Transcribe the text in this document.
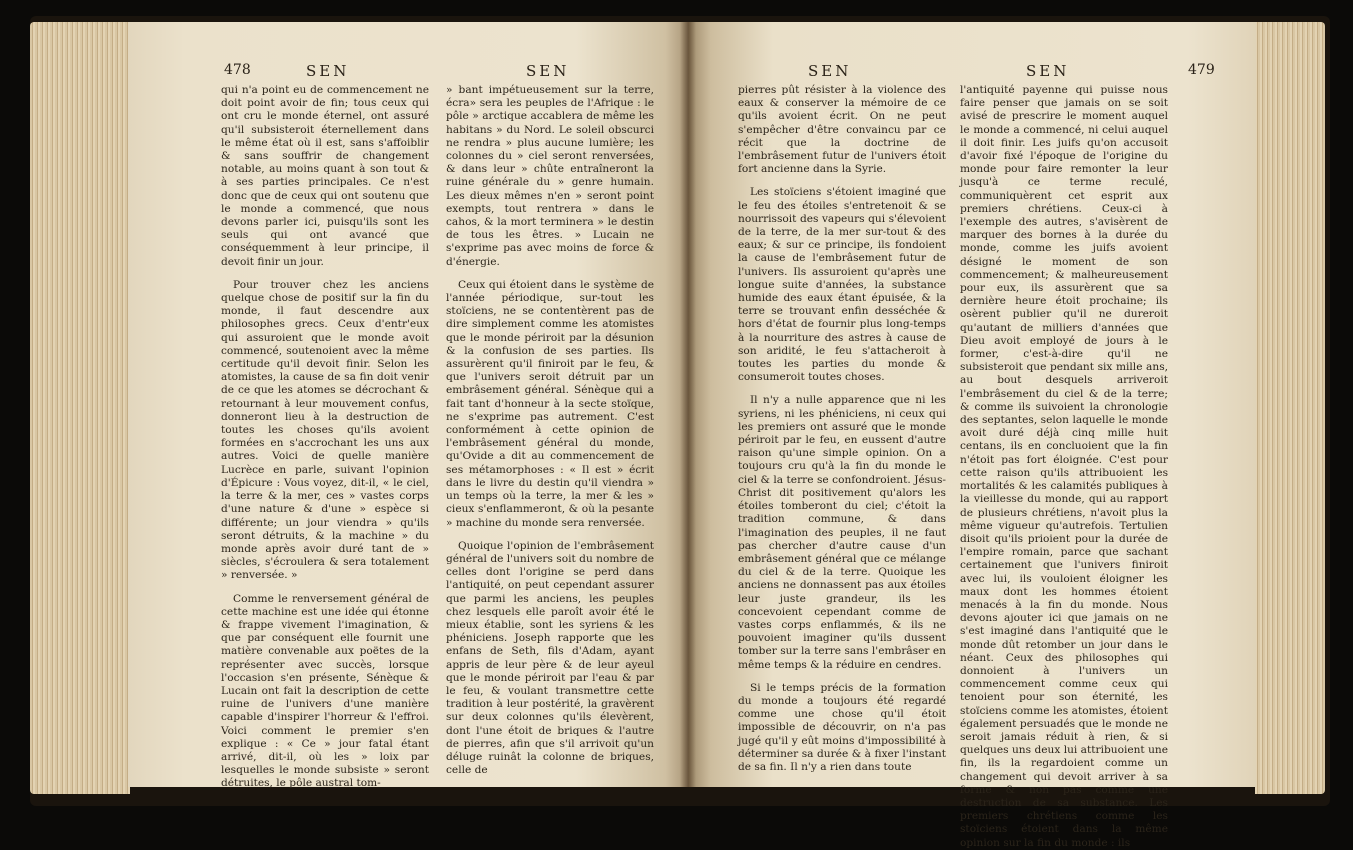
478	SEN	SEN

qui n'a point eu de commencement ne doit point avoir de fin; tous ceux qui ont cru le monde éternel, ont assuré qu'il subsisteroit éternellement dans le même état où il est, sans s'affoiblir & sans souffrir de changement notable, au moins quant à son tout & à ses parties principales. Ce n'est donc que de ceux qui ont soutenu que le monde a commencé, que nous devons parler ici, puisqu'ils sont les seuls qui ont avancé que conséquemment à leur principe, il devoit finir un jour.

Pour trouver chez les anciens quelque chose de positif sur la fin du monde, il faut descendre aux philosophes grecs. Ceux d'entr'eux qui assuroient que le monde avoit commencé, soutenoient avec la même certitude qu'il devoit finir. Selon les atomistes, la cause de sa fin doit venir de ce que les atomes se décrochant & retournant à leur mouvement confus, donneront lieu à la destruction de toutes les choses qu'ils avoient formées en s'accrochant les uns aux autres. Voici de quelle manière Lucrèce en parle, suivant l'opinion d'Épicure : Vous voyez, dit-il, « le ciel, la terre & la mer, ces » vastes corps d'une nature & d'une » espèce si différente; un jour viendra » qu'ils seront détruits, & la machine » du monde après avoir duré tant de » siècles, s'écroulera & sera totalement » renversée. »

Comme le renversement général de cette machine est une idée qui étonne & frappe vivement l'imagination, & que par conséquent elle fournit une matière convenable aux poëtes de la représenter avec succès, lorsque l'occasion s'en présente, Sénèque & Lucain ont fait la description de cette ruine de l'univers d'une manière capable d'inspirer l'horreur & l'effroi. Voici comment le premier s'en explique : « Ce » jour fatal étant arrivé, dit-il, où les » loix par lesquelles le monde subsiste » seront détruites, le pôle austral tom-

» bant impétueusement sur la terre, écra» sera les peuples de l'Afrique : le pôle » arctique accablera de même les habitans » du Nord. Le soleil obscurci ne rendra » plus aucune lumière; les colonnes du » ciel seront renversées, & dans leur » chûte entraîneront la ruine générale du » genre humain. Les dieux mêmes n'en » seront point exempts, tout rentrera » dans le cahos, & la mort terminera » le destin de tous les êtres. » Lucain ne s'exprime pas avec moins de force & d'énergie.

Ceux qui étoient dans le système de l'année périodique, sur-tout les stoïciens, ne se contentèrent pas de dire simplement comme les atomistes que le monde périroit par la désunion & la confusion de ses parties. Ils assurèrent qu'il finiroit par le feu, & que l'univers seroit détruit par un embrâsement général. Sénèque qui a fait tant d'honneur à la secte stoïque, ne s'exprime pas autrement. C'est conformément à cette opinion de l'embrâsement général du monde, qu'Ovide a dit au commencement de ses métamorphoses : « Il est » écrit dans le livre du destin qu'il viendra » un temps où la terre, la mer & les » cieux s'enflammeront, & où la pesante » machine du monde sera renversée.

Quoique l'opinion de l'embrâsement général de l'univers soit du nombre de celles dont l'origine se perd dans l'antiquité, on peut cependant assurer que parmi les anciens, les peuples chez lesquels elle paroît avoir été le mieux établie, sont les syriens & les phéniciens. Joseph rapporte que les enfans de Seth, fils d'Adam, ayant appris de leur père & de leur ayeul que le monde périroit par l'eau & par le feu, & voulant transmettre cette tradition à leur postérité, la gravèrent sur deux colonnes qu'ils élevèrent, dont l'une étoit de briques & l'autre de pierres, afin que s'il arrivoit qu'un déluge ruinât la colonne de briques, celle de

SEN	SEN	479

pierres pût résister à la violence des eaux & conserver la mémoire de ce qu'ils avoient écrit. On ne peut s'empêcher d'être convaincu par ce récit que la doctrine de l'embrâsement futur de l'univers étoit fort ancienne dans la Syrie.

Les stoïciens s'étoient imaginé que le feu des étoiles s'entretenoit & se nourrissoit des vapeurs qui s'élevoient de la terre, de la mer sur-tout & des eaux; & sur ce principe, ils fondoient la cause de l'embrâsement futur de l'univers. Ils assuroient qu'après une longue suite d'années, la substance humide des eaux étant épuisée, & la terre se trouvant enfin desséchée & hors d'état de fournir plus long-temps à la nourriture des astres à cause de son aridité, le feu s'attacheroit à toutes les parties du monde & consumeroit toutes choses.

Il n'y a nulle apparence que ni les syriens, ni les phéniciens, ni ceux qui les premiers ont assuré que le monde périroit par le feu, en eussent d'autre raison qu'une simple opinion. On a toujours cru qu'à la fin du monde le ciel & la terre se confondroient. Jésus-Christ dit positivement qu'alors les étoiles tomberont du ciel; c'étoit la tradition commune, & dans l'imagination des peuples, il ne faut pas chercher d'autre cause d'un embrâsement général que ce mélange du ciel & de la terre. Quoique les anciens ne donnassent pas aux étoiles leur juste grandeur, ils les concevoient cependant comme de vastes corps enflammés, & ils ne pouvoient imaginer qu'ils dussent tomber sur la terre sans l'embrâser en même temps & la réduire en cendres.

Si le temps précis de la formation du monde a toujours été regardé comme une chose qu'il étoit impossible de découvrir, on n'a pas jugé qu'il y eût moins d'impossibilité à déterminer sa durée & à fixer l'instant de sa fin. Il n'y a rien dans toute

l'antiquité payenne qui puisse nous faire penser que jamais on se soit avisé de prescrire le moment auquel le monde a commencé, ni celui auquel il doit finir. Les juifs qu'on accusoit d'avoir fixé l'époque de l'origine du monde pour faire remonter la leur jusqu'à ce terme reculé, communiquèrent cet esprit aux premiers chrétiens. Ceux-ci à l'exemple des autres, s'avisèrent de marquer des bornes à la durée du monde, comme les juifs avoient désigné le moment de son commencement; & malheureusement pour eux, ils assurèrent que sa dernière heure étoit prochaine; ils osèrent publier qu'il ne dureroit qu'autant de milliers d'années que Dieu avoit employé de jours à le former, c'est-à-dire qu'il ne subsisteroit que pendant six mille ans, au bout desquels arriveroit l'embrâsement du ciel & de la terre; & comme ils suivoient la chronologie des septantes, selon laquelle le monde avoit duré déjà cinq mille huit centans, ils en concluoient que la fin n'étoit pas fort éloignée. C'est pour cette raison qu'ils attribuoient les mortalités & les calamités publiques à la vieillesse du monde, qui au rapport de plusieurs chrétiens, n'avoit plus la même vigueur qu'autrefois. Tertulien disoit qu'ils prioient pour la durée de l'empire romain, parce que sachant certainement que l'univers finiroit avec lui, ils vouloient éloigner les maux dont les hommes étoient menacés à la fin du monde. Nous devons ajouter ici que jamais on ne s'est imaginé dans l'antiquité que le monde dût retomber un jour dans le néant. Ceux des philosophes qui donnoient à l'univers un commencement comme ceux qui tenoient pour son éternité, les stoïciens comme les atomistes, étoient également persuadés que le monde ne seroit jamais réduit à rien, & si quelques uns deux lui attribuoient une fin, ils la regardoient comme un changement qui devoit arriver à sa forme & non pas comme une destruction de sa substance. Les premiers chrétiens comme les stoïciens étoient dans la même opinion sur la fin du monde : ils
